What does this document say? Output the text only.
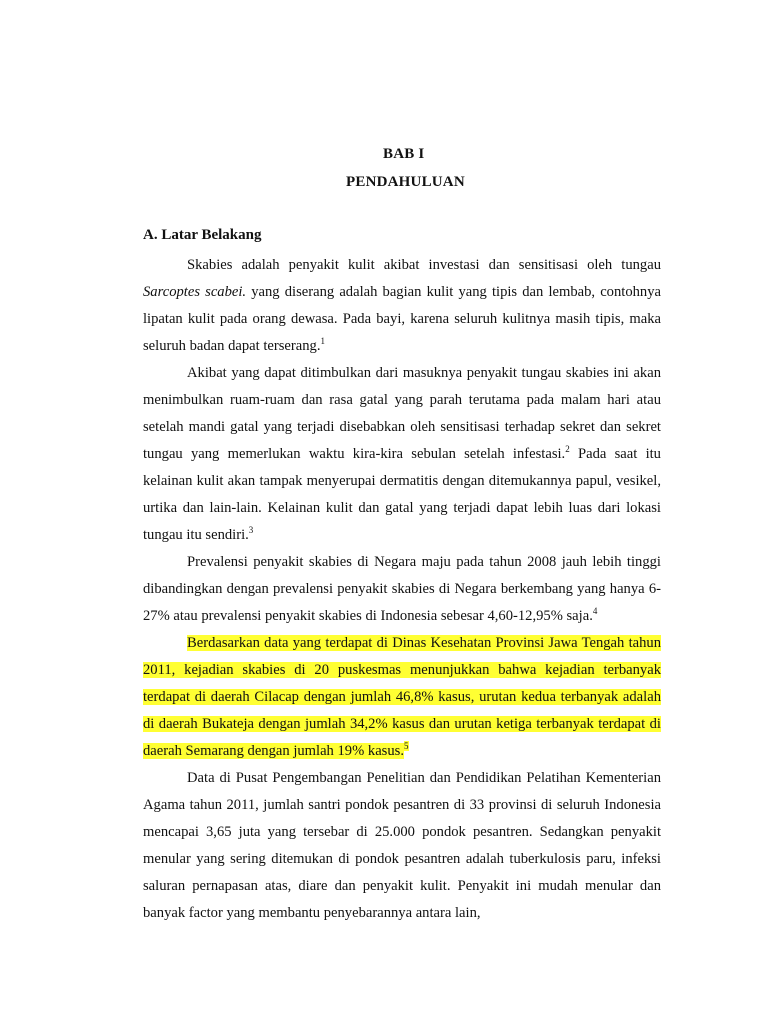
BAB I
PENDAHULUAN
A. Latar Belakang

Skabies adalah penyakit kulit akibat investasi dan sensitisasi oleh tungau Sarcoptes scabei. yang diserang adalah bagian kulit yang tipis dan lembab, contohnya lipatan kulit pada orang dewasa. Pada bayi, karena seluruh kulitnya masih tipis, maka seluruh badan dapat terserang.$^1$

Akibat yang dapat ditimbulkan dari masuknya penyakit tungau skabies ini akan menimbulkan ruam-ruam dan rasa gatal yang parah terutama pada malam hari atau setelah mandi gatal yang terjadi disebabkan oleh sensitisasi terhadap sekret dan sekret tungau yang memerlukan waktu kira-kira sebulan setelah infestasi.$^2$ Pada saat itu kelainan kulit akan tampak menyerupai dermatitis dengan ditemukannya papul, vesikel, urtika dan lain-lain. Kelainan kulit dan gatal yang terjadi dapat lebih luas dari lokasi tungau itu sendiri.$^3$

Prevalensi penyakit skabies di Negara maju pada tahun 2008 jauh lebih tinggi dibandingkan dengan prevalensi penyakit skabies di Negara berkembang yang hanya 6-27% atau prevalensi penyakit skabies di Indonesia sebesar 4,60-12,95% saja.$^4$

Berdasarkan data yang terdapat di Dinas Kesehatan Provinsi Jawa Tengah tahun 2011, kejadian skabies di 20 puskesmas menunjukkan bahwa kejadian terbanyak terdapat di daerah Cilacap dengan jumlah 46,8% kasus, urutan kedua terbanyak adalah di daerah Bukateja dengan jumlah 34,2% kasus dan urutan ketiga terbanyak terdapat di daerah Semarang dengan jumlah 19% kasus.$^5$

Data di Pusat Pengembangan Penelitian dan Pendidikan Pelatihan Kementerian Agama tahun 2011, jumlah santri pondok pesantren di 33 provinsi di seluruh Indonesia mencapai 3,65 juta yang tersebar di 25.000 pondok pesantren. Sedangkan penyakit menular yang sering ditemukan di pondok pesantren adalah tuberkulosis paru, infeksi saluran pernapasan atas, diare dan penyakit kulit. Penyakit ini mudah menular dan banyak factor yang membantu penyebarannya antara lain,
